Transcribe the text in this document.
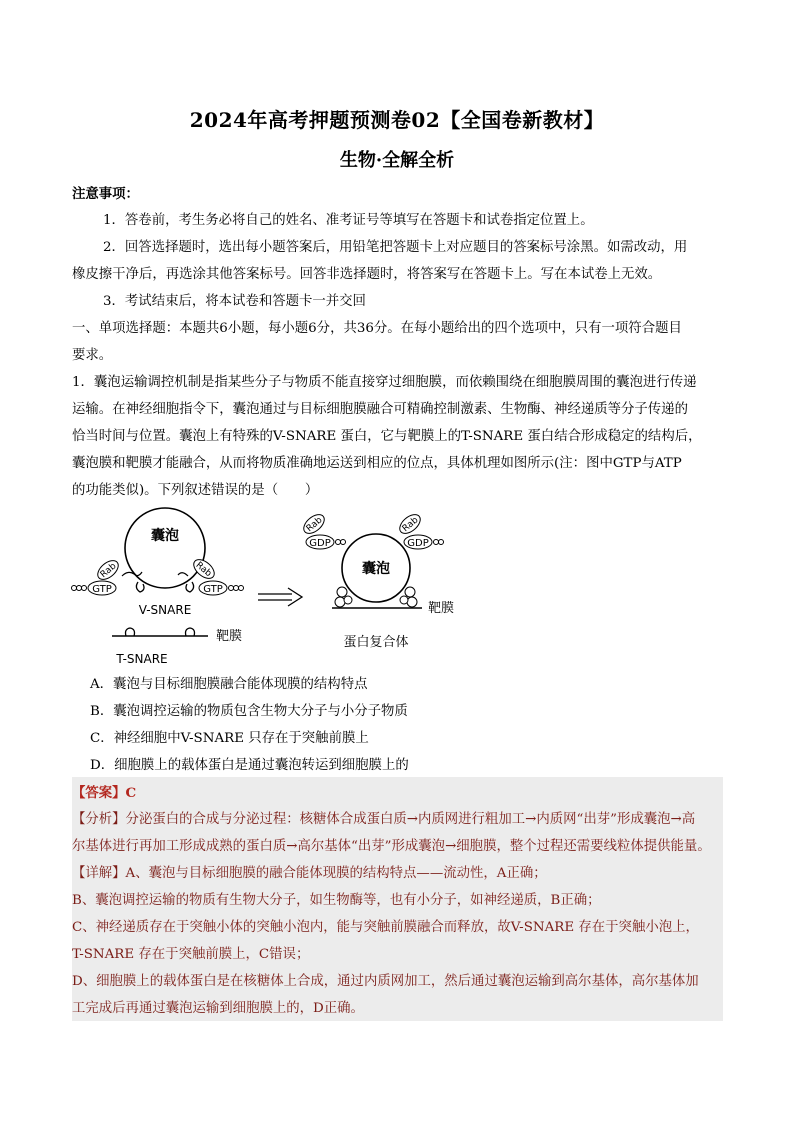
2024年高考押题预测卷02【全国卷新教材】
生物·全解全析
注意事项：
1．答卷前，考生务必将自己的姓名、准考证号等填写在答题卡和试卷指定位置上。
2．回答选择题时，选出每小题答案后，用铅笔把答题卡上对应题目的答案标号涂黑。如需改动，用
橡皮擦干净后，再选涂其他答案标号。回答非选择题时，将答案写在答题卡上。写在本试卷上无效。
3．考试结束后，将本试卷和答题卡一并交回
一、单项选择题：本题共6小题，每小题6分，共36分。在每小题给出的四个选项中，只有一项符合题目
要求。
1．囊泡运输调控机制是指某些分子与物质不能直接穿过细胞膜，而依赖围绕在细胞膜周围的囊泡进行传递
运输。在神经细胞指令下，囊泡通过与目标细胞膜融合可精确控制激素、生物酶、神经递质等分子传递的
恰当时间与位置。囊泡上有特殊的V-SNARE 蛋白，它与靶膜上的T-SNARE 蛋白结合形成稳定的结构后，
囊泡膜和靶膜才能融合，从而将物质准确地运送到相应的位点，具体机理如图所示(注：图中GTP与ATP
的功能类似)。下列叙述错误的是（　　）
囊泡
GTP
Rab	Rab
GTP
V-SNARE
靶膜
T-SNARE
囊泡
Rab
GDP
Rab
GDP
靶膜
蛋白复合体
A．囊泡与目标细胞膜融合能体现膜的结构特点
B．囊泡调控运输的物质包含生物大分子与小分子物质
C．神经细胞中V-SNARE 只存在于突触前膜上
D．细胞膜上的载体蛋白是通过囊泡转运到细胞膜上的
【答案】C
【分析】分泌蛋白的合成与分泌过程：核糖体合成蛋白质→内质网进行粗加工→内质网“出芽”形成囊泡→高
尔基体进行再加工形成成熟的蛋白质→高尔基体“出芽”形成囊泡→细胞膜，整个过程还需要线粒体提供能量。
【详解】A、囊泡与目标细胞膜的融合能体现膜的结构特点——流动性，A正确；
B、囊泡调控运输的物质有生物大分子，如生物酶等，也有小分子，如神经递质，B正确；
C、神经递质存在于突触小体的突触小泡内，能与突触前膜融合而释放，故V-SNARE 存在于突触小泡上，
T-SNARE 存在于突触前膜上，C错误；
D、细胞膜上的载体蛋白是在核糖体上合成，通过内质网加工，然后通过囊泡运输到高尔基体，高尔基体加
工完成后再通过囊泡运输到细胞膜上的，D正确。
